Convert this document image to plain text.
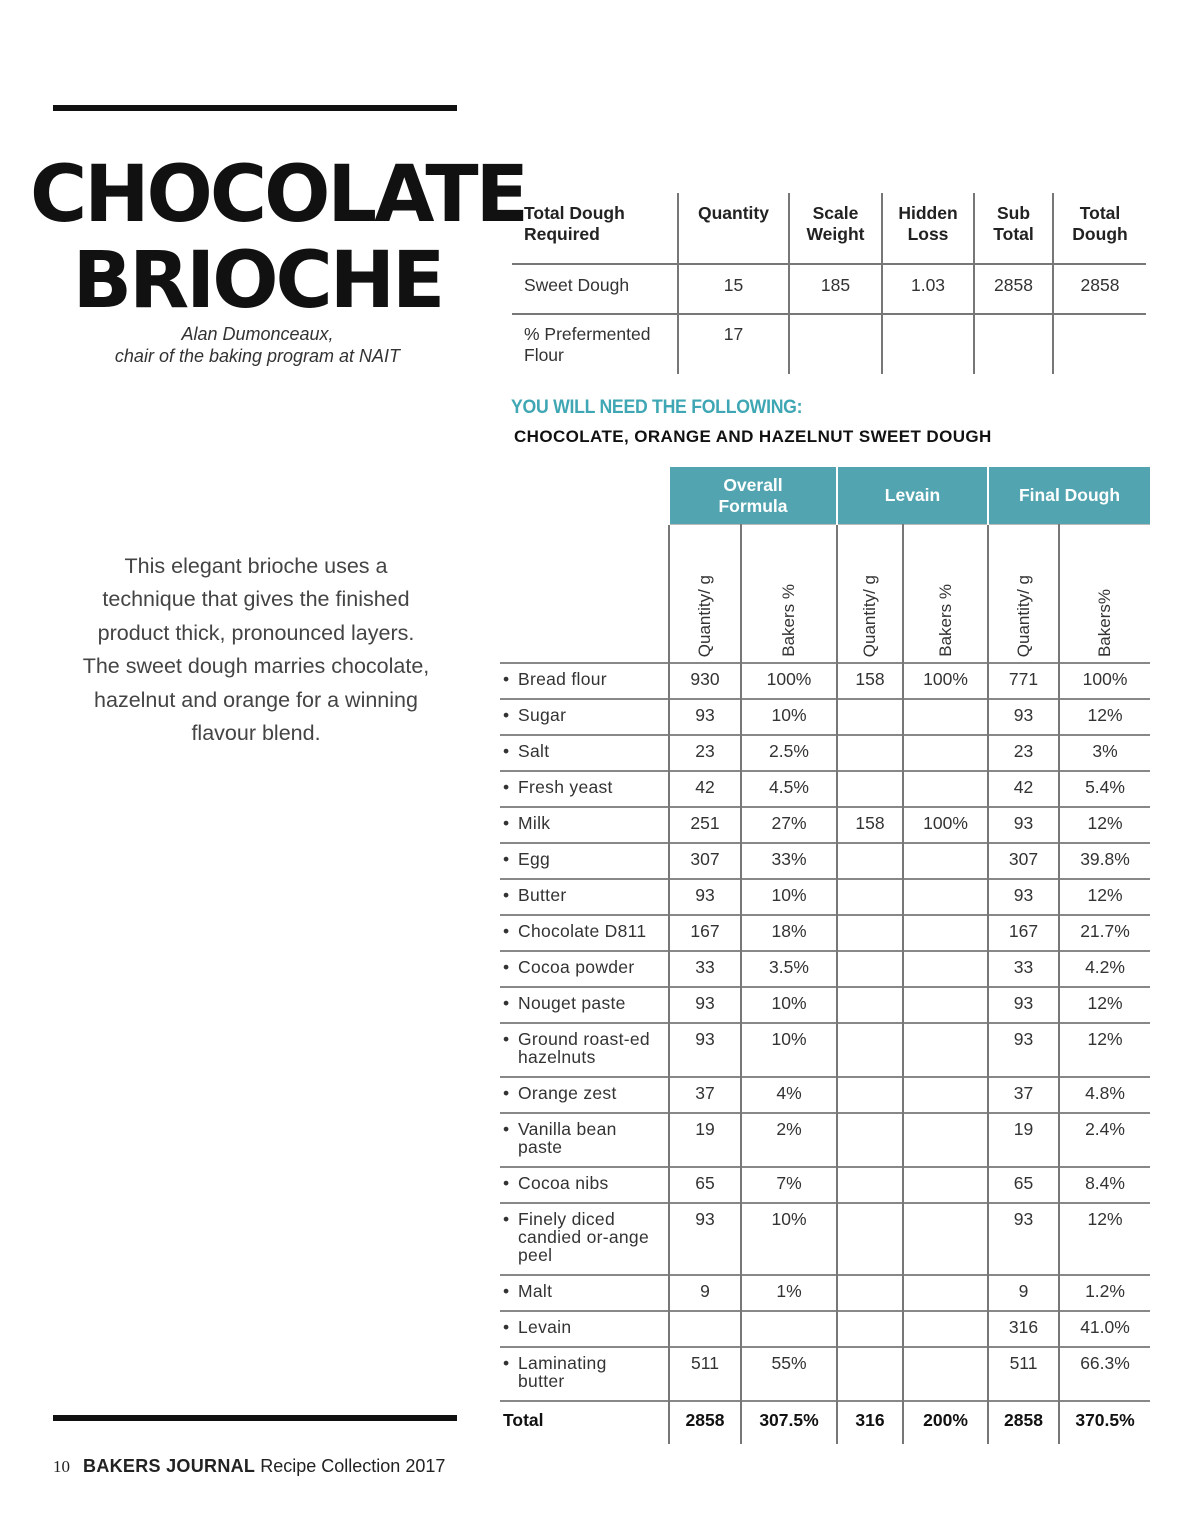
CHOCOLATE
BRIOCHE
Alan Dumonceaux,
chair of the baking program at NAIT

This elegant brioche uses a technique that gives the finished product thick, pronounced layers. The sweet dough marries chocolate, hazelnut and orange for a winning flavour blend.

Total Dough Required	Quantity	Scale Weight	Hidden Loss	Sub Total	Total Dough
Sweet Dough	15	185	1.03	2858	2858
% Prefermented Flour	17				
YOU WILL NEED THE FOLLOWING:
CHOCOLATE, ORANGE AND HAZELNUT SWEET DOUGH
	Overall Formula		Levain		Final Dough	
	Quantity/ g	Bakers %	Quantity/ g	Bakers %	Quantity/ g	Bakers%
• Bread flour	930	100%	158	100%	771	100%
• Sugar	93	10%			93	12%
• Salt	23	2.5%			23	3%
• Fresh yeast	42	4.5%			42	5.4%
• Milk	251	27%	158	100%	93	12%
• Egg	307	33%			307	39.8%
• Butter	93	10%			93	12%
• Chocolate D811	167	18%			167	21.7%
• Cocoa powder	33	3.5%			33	4.2%
• Nouget paste	93	10%			93	12%
• Ground roast-ed hazelnuts	93	10%			93	12%
• Orange zest	37	4%			37	4.8%
• Vanilla bean paste	19	2%			19	2.4%
• Cocoa nibs	65	7%			65	8.4%
• Finely diced candied or-ange peel	93	10%			93	12%
• Malt	9	1%			9	1.2%
• Levain					316	41.0%
• Laminating butter	511	55%			511	66.3%
Total	2858	307.5%	316	200%	2858	370.5%
10 BAKERS JOURNAL Recipe Collection 2017
